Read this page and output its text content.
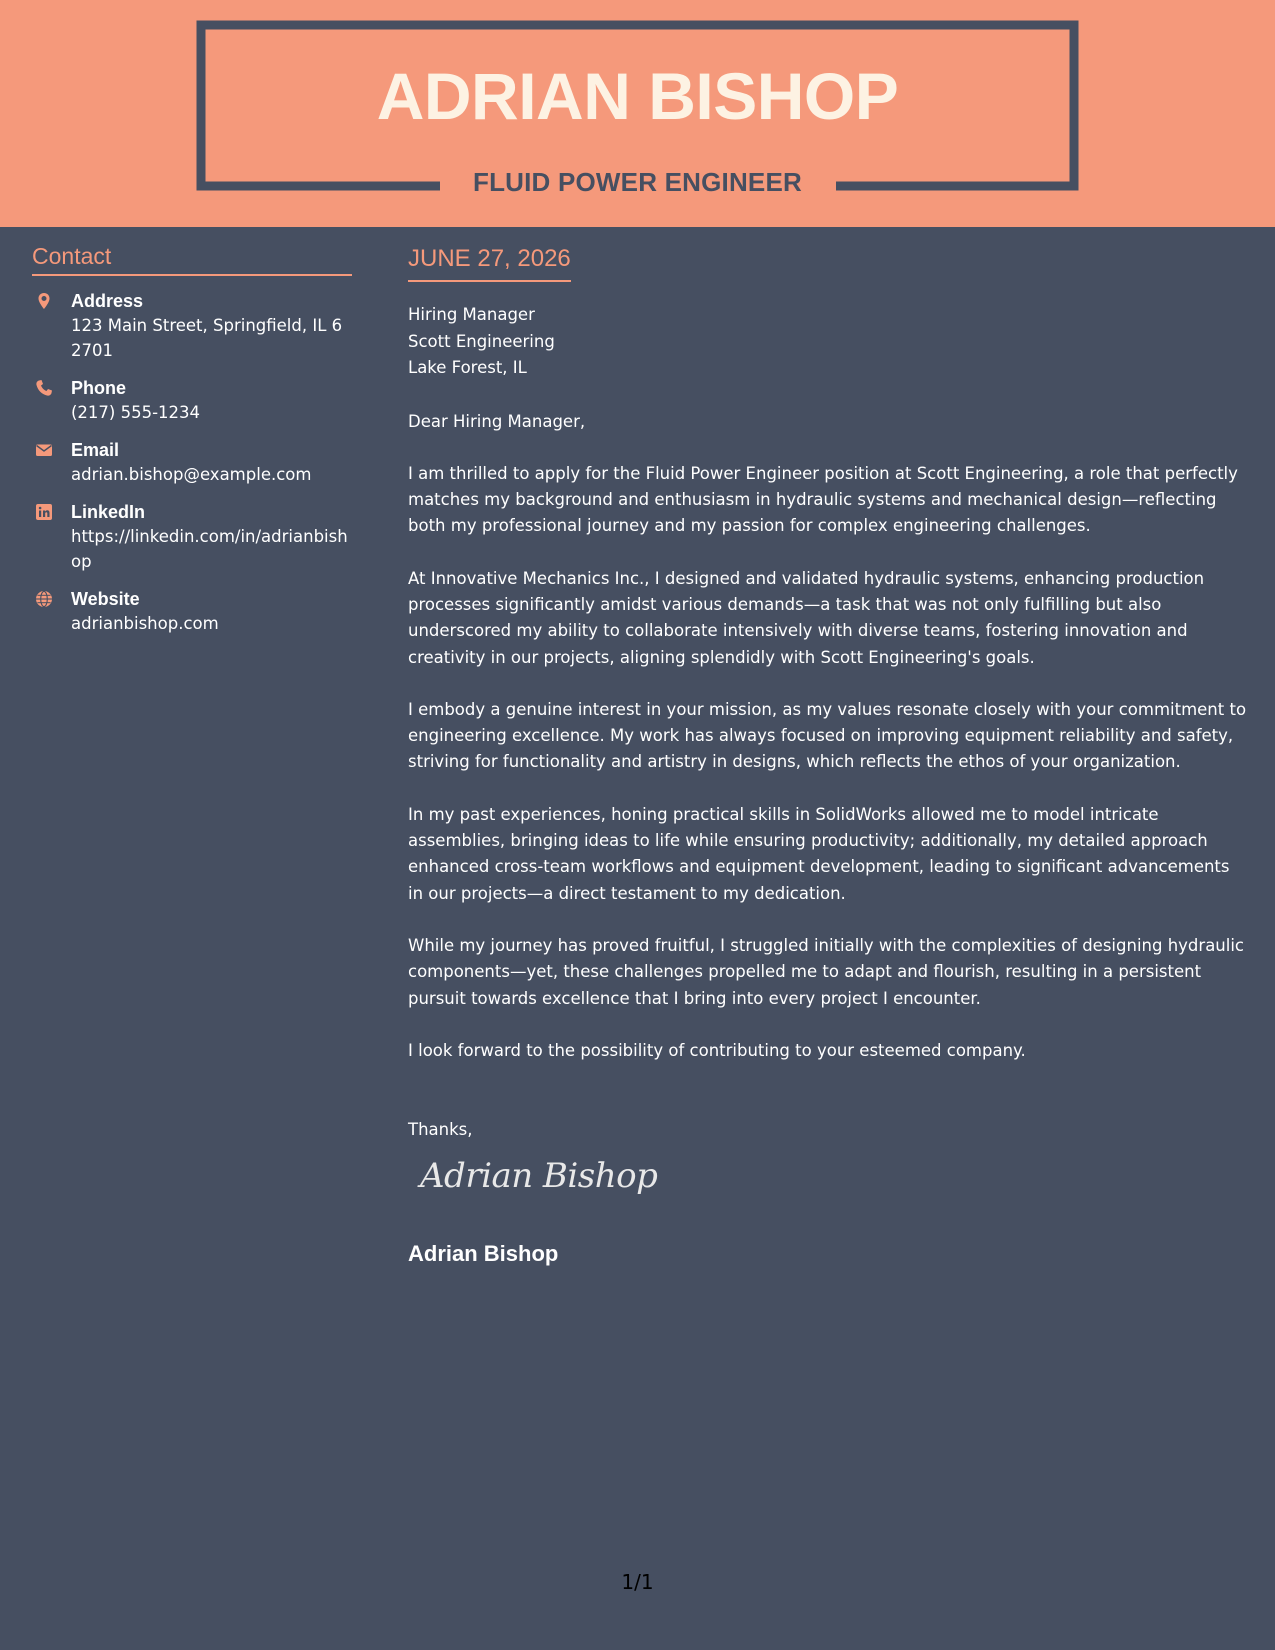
ADRIAN BISHOP
FLUID POWER ENGINEER
Contact
Address
123 Main Street, Springfield, IL 62701
Phone
(217) 555-1234
Email
adrian.bishop@example.com
LinkedIn
https://linkedin.com/in/adrianbishop
Website
adrianbishop.com
JUNE 27, 2026
Hiring Manager
Scott Engineering
Lake Forest, IL
Dear Hiring Manager,
I am thrilled to apply for the Fluid Power Engineer position at Scott Engineering, a role that perfectly matches my background and enthusiasm in hydraulic systems and mechanical design—reflecting both my professional journey and my passion for complex engineering challenges.
At Innovative Mechanics Inc., I designed and validated hydraulic systems, enhancing production processes significantly amidst various demands—a task that was not only fulfilling but also underscored my ability to collaborate intensively with diverse teams, fostering innovation and creativity in our projects, aligning splendidly with Scott Engineering's goals.
I embody a genuine interest in your mission, as my values resonate closely with your commitment to engineering excellence. My work has always focused on improving equipment reliability and safety, striving for functionality and artistry in designs, which reflects the ethos of your organization.
In my past experiences, honing practical skills in SolidWorks allowed me to model intricate assemblies, bringing ideas to life while ensuring productivity; additionally, my detailed approach enhanced cross-team workflows and equipment development, leading to significant advancements in our projects—a direct testament to my dedication.
While my journey has proved fruitful, I struggled initially with the complexities of designing hydraulic components—yet, these challenges propelled me to adapt and flourish, resulting in a persistent pursuit towards excellence that I bring into every project I encounter.
I look forward to the possibility of contributing to your esteemed company.
Thanks,
Adrian Bishop
Adrian Bishop
1/1
